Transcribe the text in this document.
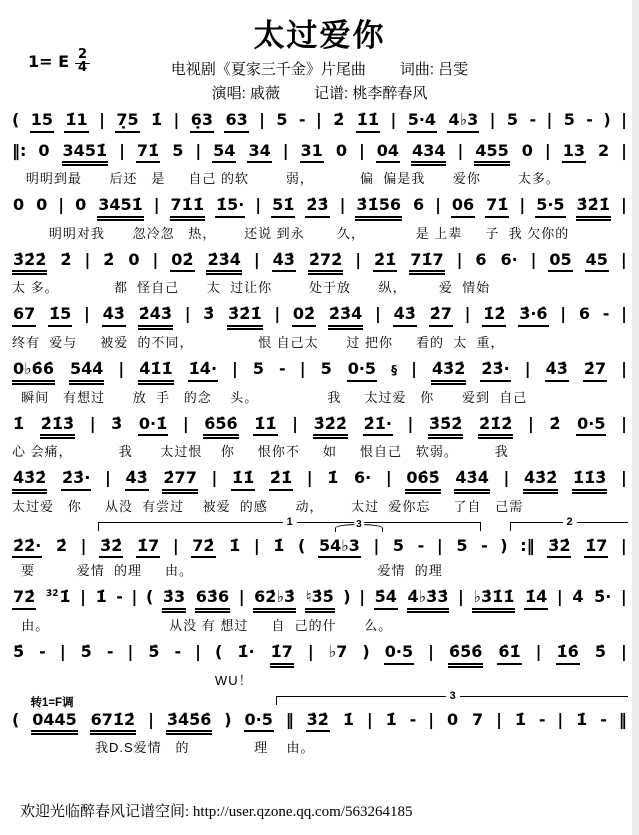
太过爱你
1= E 2
4	电视剧《夏家三千金》片尾曲 词曲: 吕雯
演唱: 戚薇 记谱: 桃李醉春风
( 15 1̇1 | 7̣5 1̇ | 6̣3 63 | 5 - | 2̇ 1̇1̇ | 5·4 4♭3 | 5 - | 5 - ) |
‖: 0 3451̇ | 71̇ 5 | 54 34 | 31 0 | 04 434 | 455 0 | 13 2 |
明明到最      后还   是     自己 的软        弱，          偏  偏是我      爱你        太多。
0 0 | 0 3451̇ | 71̇1̇ 1̇5· | 51̇ 2̇3̇ | 3̇1̇56 6 | 06 71̇ | 5·5 3̇2̇1̇ |
明明对我      忽冷忽   热，      还说 到永       久，           是 上辈     子  我 欠你的
3̇2̇2̇ 2̇ | 2̇ 0 | 02̇ 2̇3̇4̇ | 4̇3̇ 2̇72̇ | 2̇1̇ 71̇7 | 6 6· | 05 45 |
太 多。            都  怪自己      太  过让你        处于放      纵，       爱  情始
67 1̇5 | 4̇3̇ 2̇4̇3̇ | 3̇ 3̇2̇1̇ | 02̇ 2̇3̇4̇ | 4̇3̇ 2̇7 | 1̇2̇ 3̇·6̇ | 6 - |
终有  爱与     被爱  的不同，              恨 自己太      过 把你     看的  太  重，
0♭6̇6̇ 54̇4̇ | 4̇1̇1̇ 1̇4̇· | 5 - | 5 0·5 § | 4̇3̇2̇ 2̇3̇· | 4̇3̇ 2̇7 |
瞬间   有想过      放  手   的念    头。               我     太过爱   你      爱到  自己
1̇ 2̇1̇3̇ | 3̇ 0·1̇ | 6̇5̇6̇ 1̇1̇ | 3̇2̇2̇ 2̇1̇· | 3̇5̇2̇ 2̇1̇2̇ | 2̇ 0·5 |
心 会痛，          我      太过恨    你     恨你不     如     恨自己   软弱。        我
4̇3̇2̇ 2̇3̇· | 4̇3̇ 2̇77 | 1̇1̇ 2̇1̇ | 1̇ 6· | 06̇5̇ 4̇3̇4̇ | 4̇3̇2̇ 1̇1̇3̇ |
太过爱   你     从没  有尝过    被爱  的感      动，      太过  爱你忘     了自   己需
1	2
3
2̇2̇· 2̇ | 3̇2̇ 1̇7 | 72̇ 1̇ | 1̇ ( 54♭3 | 5 - | 5 - ) :‖ 3̇2̇ 1̇7 |
要         爱情  的理     由。                                        爱情  的理
72̇ $^{3̇2̇}$1̇ | 1̇ - | ( 3̇3 63̇6 | 62̇♭3̇ ♮3̇5̇ ) | 5̇4̇ 4̇♭3̇3̇ | ♭3̇1̇1̇ 1̇4̇ | 4̇ 5̇· |
由。                          从没 有 想过     自  己的什      么。
5̇ - | 5̇ - | 5̇ - | ( 1̇· 1̇7 | ♭7 ) 0·5 | 6̇5̇6̇ 6̇1̇ | 1̇6̇ 5̇ |
WU！
3
转1=F调
( 0445 671̇2̇ | 3̇4̇5̇6̇ ) 0·5 ‖ 3̇2̇ 1̇ | 1̇ - | 0 7 | 1̇ - | 1̇ - ‖
我D.S爱情   的              理    由。
欢迎光临醉春风记谱空间: http://user.qzone.qq.com/563264185
